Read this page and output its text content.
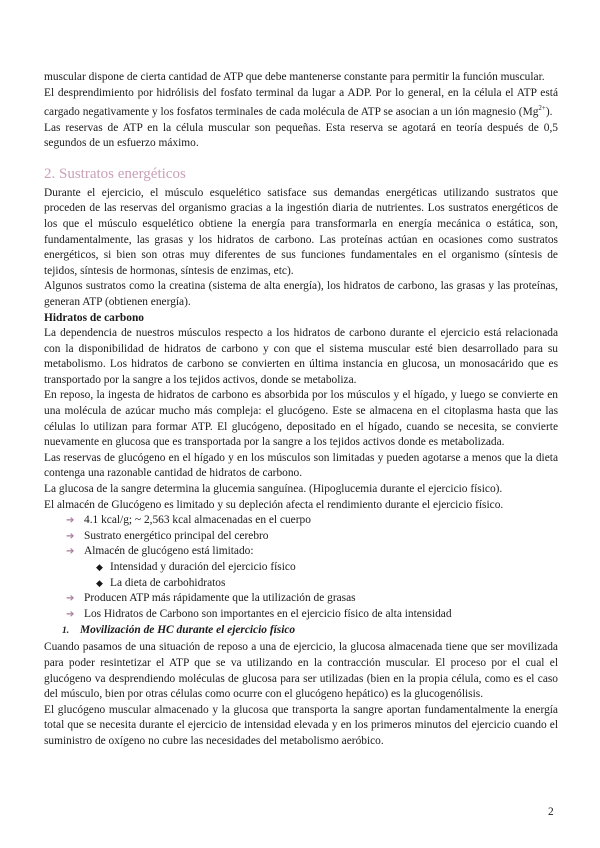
muscular dispone de cierta cantidad de ATP que debe mantenerse constante para permitir la función muscular.

El desprendimiento por hidrólisis del fosfato terminal da lugar a ADP. Por lo general, en la célula el ATP está cargado negativamente y los fosfatos terminales de cada molécula de ATP se asocian a un ión magnesio $(Mg^{2+})$.

Las reservas de ATP en la célula muscular son pequeñas. Esta reserva se agotará en teoría después de 0,5 segundos de un esfuerzo máximo.

2. Sustratos energéticos

Durante el ejercicio, el músculo esquelético satisface sus demandas energéticas utilizando sustratos que proceden de las reservas del organismo gracias a la ingestión diaria de nutrientes. Los sustratos energéticos de los que el músculo esquelético obtiene la energía para transformarla en energía mecánica o estática, son, fundamentalmente, las grasas y los hidratos de carbono. Las proteínas actúan en ocasiones como sustratos energéticos, si bien son otras muy diferentes de sus funciones fundamentales en el organismo (síntesis de tejidos, síntesis de hormonas, síntesis de enzimas, etc).

Algunos sustratos como la creatina (sistema de alta energía), los hidratos de carbono, las grasas y las proteínas, generan ATP (obtienen energía).

Hidratos de carbono

La dependencia de nuestros músculos respecto a los hidratos de carbono durante el ejercicio está relacionada con la disponibilidad de hidratos de carbono y con que el sistema muscular esté bien desarrollado para su metabolismo. Los hidratos de carbono se convierten en última instancia en glucosa, un monosacárido que es transportado por la sangre a los tejidos activos, donde se metaboliza.

En reposo, la ingesta de hidratos de carbono es absorbida por los músculos y el hígado, y luego se convierte en una molécula de azúcar mucho más compleja: el glucógeno. Este se almacena en el citoplasma hasta que las células lo utilizan para formar ATP. El glucógeno, depositado en el hígado, cuando se necesita, se convierte nuevamente en glucosa que es transportada por la sangre a los tejidos activos donde es metabolizada.

Las reservas de glucógeno en el hígado y en los músculos son limitadas y pueden agotarse a menos que la dieta contenga una razonable cantidad de hidratos de carbono.

La glucosa de la sangre determina la glucemia sanguínea. (Hipoglucemia durante el ejercicio físico).

El almacén de Glucógeno es limitado y su depleción afecta el rendimiento durante el ejercicio físico.

➔ 4.1 kcal/g; ~ 2,563 kcal almacenadas en el cuerpo
➔ Sustrato energético principal del cerebro
➔ Almacén de glucógeno está limitado:
◆ Intensidad y duración del ejercicio físico
◆ La dieta de carbohidratos
➔ Producen ATP más rápidamente que la utilización de grasas
➔ Los Hidratos de Carbono son importantes en el ejercicio físico de alta intensidad
1. Movilización de HC durante el ejercicio físico

Cuando pasamos de una situación de reposo a una de ejercicio, la glucosa almacenada tiene que ser movilizada para poder resintetizar el ATP que se va utilizando en la contracción muscular. El proceso por el cual el glucógeno va desprendiendo moléculas de glucosa para ser utilizadas (bien en la propia célula, como es el caso del músculo, bien por otras células como ocurre con el glucógeno hepático) es la glucogenólisis.

El glucógeno muscular almacenado y la glucosa que transporta la sangre aportan fundamentalmente la energía total que se necesita durante el ejercicio de intensidad elevada y en los primeros minutos del ejercicio cuando el suministro de oxígeno no cubre las necesidades del metabolismo aeróbico.

2
